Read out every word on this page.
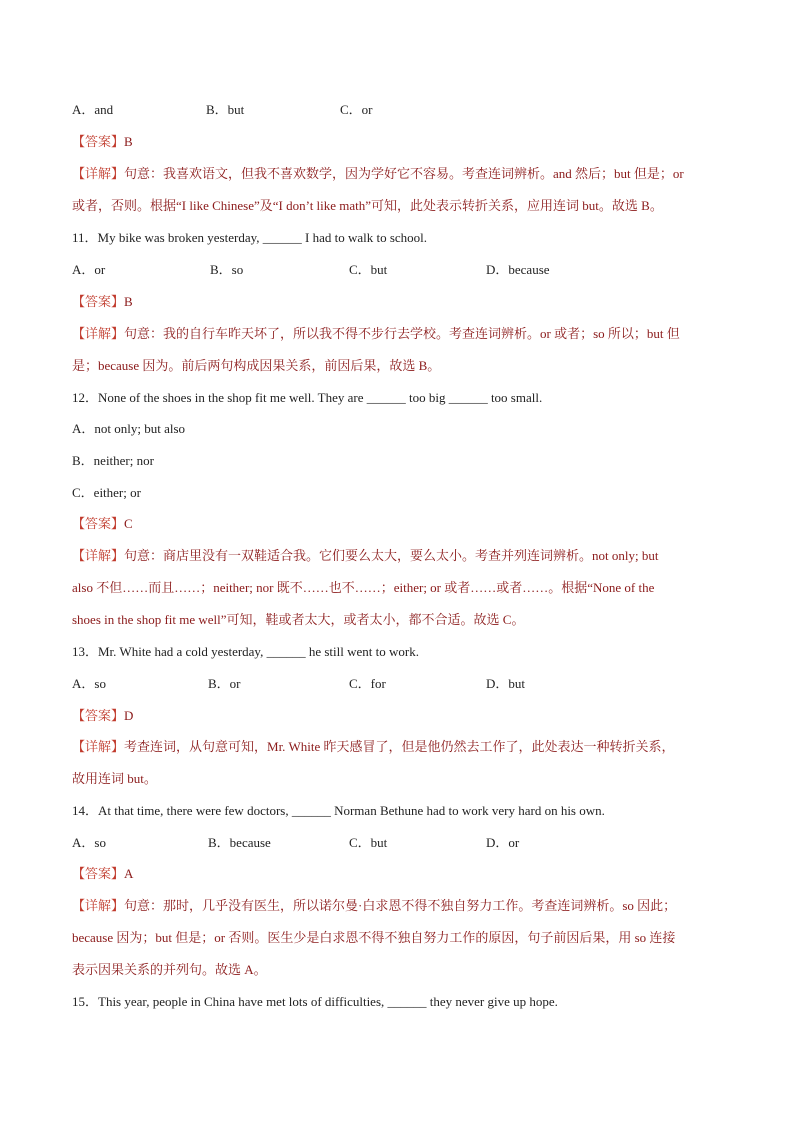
A．and	B．but	C．or
【答案】B
【详解】句意：我喜欢语文，但我不喜欢数学，因为学好它不容易。考查连词辨析。and 然后；but 但是；or
或者，否则。根据“I like Chinese”及“I don’t like math”可知，此处表示转折关系，应用连词 but。故选 B。
11．My bike was broken yesterday, ______ I had to walk to school.
A．or	B．so	C．but	D．because
【答案】B
【详解】句意：我的自行车昨天坏了，所以我不得不步行去学校。考查连词辨析。or 或者；so 所以；but 但
是；because 因为。前后两句构成因果关系，前因后果，故选 B。
12．None of the shoes in the shop fit me well. They are ______ too big ______ too small.
A．not only; but also
B．neither; nor
C．either; or
【答案】C
【详解】句意：商店里没有一双鞋适合我。它们要么太大，要么太小。考查并列连词辨析。not only; but
also 不但……而且……；neither; nor 既不……也不……；either; or 或者……或者……。根据“None of the
shoes in the shop fit me well”可知，鞋或者太大，或者太小，都不合适。故选 C。
13．Mr. White had a cold yesterday, ______ he still went to work.
A．so	B．or	C．for	D．but
【答案】D
【详解】考查连词，从句意可知，Mr. White 昨天感冒了，但是他仍然去工作了，此处表达一种转折关系，
故用连词 but。
14．At that time, there were few doctors, ______ Norman Bethune had to work very hard on his own.
A．so	B．because	C．but	D．or
【答案】A
【详解】句意：那时，几乎没有医生，所以诺尔曼·白求恩不得不独自努力工作。考查连词辨析。so 因此；
because 因为；but 但是；or 否则。医生少是白求恩不得不独自努力工作的原因，句子前因后果，用 so 连接
表示因果关系的并列句。故选 A。
15．This year, people in China have met lots of difficulties, ______ they never give up hope.
